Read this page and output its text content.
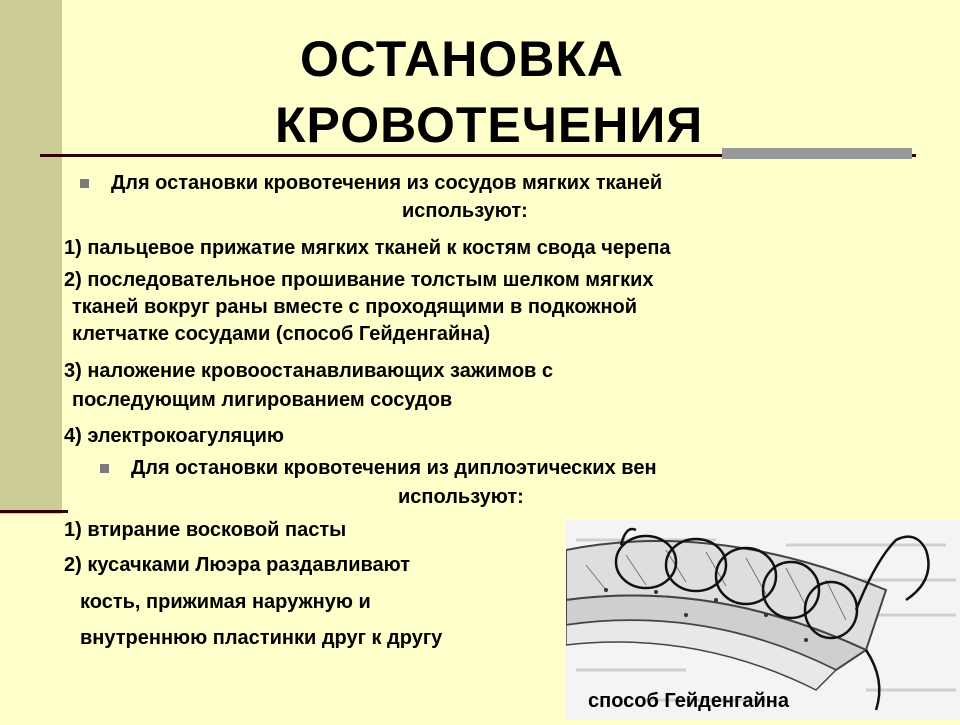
ОСТАНОВКА
КРОВОТЕЧЕНИЯ
Для остановки кровотечения из сосудов мягких тканей
используют:
1) пальцевое прижатие мягких тканей к костям свода черепа
2) последовательное прошивание толстым шелком мягких
тканей вокруг раны вместе с проходящими в подкожной
клетчатке сосудами (способ Гейденгайна)
3) наложение кровоостанавливающих зажимов с
последующим лигированием сосудов
4) электрокоагуляцию
Для остановки кровотечения из диплоэтических вен
используют:
1) втирание восковой пасты
2) кусачками Люэра раздавливают
кость, прижимая наружную и
внутреннюю пластинки друг к другу
способ Гейденгайна
